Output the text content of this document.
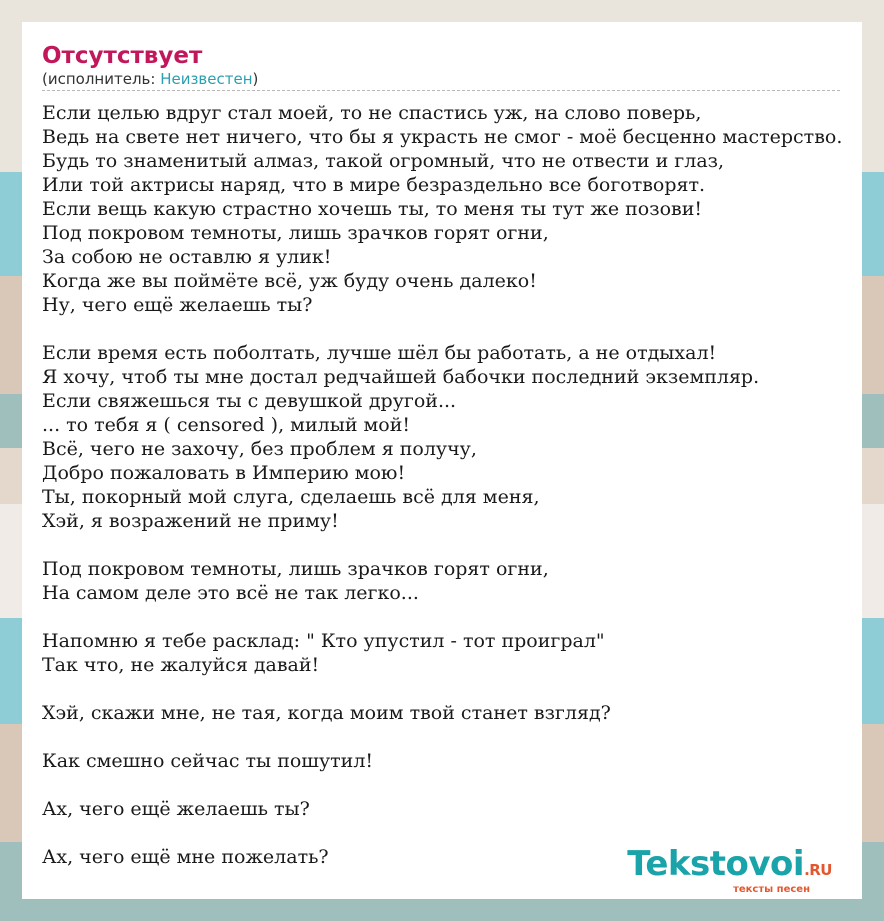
Отсутствует
(исполнитель: Неизвестен)
Если целью вдруг стал моей, то не спастись уж, на слово поверь,
Ведь на свете нет ничего, что бы я украсть не смог - моё бесценно мастерство.
Будь то знаменитый алмаз, такой огромный, что не отвести и глаз,
Или той актрисы наряд, что в мире безраздельно все боготворят.
Если вещь какую страстно хочешь ты, то меня ты тут же позови!
Под покровом темноты, лишь зрачков горят огни,
За собою не оставлю я улик!
Когда же вы поймёте всё, уж буду очень далеко!
Ну, чего ещё желаешь ты?

Если время есть поболтать, лучше шёл бы работать, а не отдыхал!
Я хочу, чтоб ты мне достал редчайшей бабочки последний экземпляр.
Если свяжешься ты с девушкой другой...
... то тебя я ( censored ), милый мой!
Всё, чего не захочу, без проблем я получу,
Добро пожаловать в Империю мою!
Ты, покорный мой слуга, сделаешь всё для меня,
Хэй, я возражений не приму!

Под покровом темноты, лишь зрачков горят огни,
На самом деле это всё не так легко...

Напомню я тебе расклад: " Кто упустил - тот проиграл"
Так что, не жалуйся давай!

Хэй, скажи мне, не тая, когда моим твой станет взгляд?

Как смешно сейчас ты пошутил!

Ах, чего ещё желаешь ты?

Ах, чего ещё мне пожелать?	Tekstovoi.RU
тексты песен
